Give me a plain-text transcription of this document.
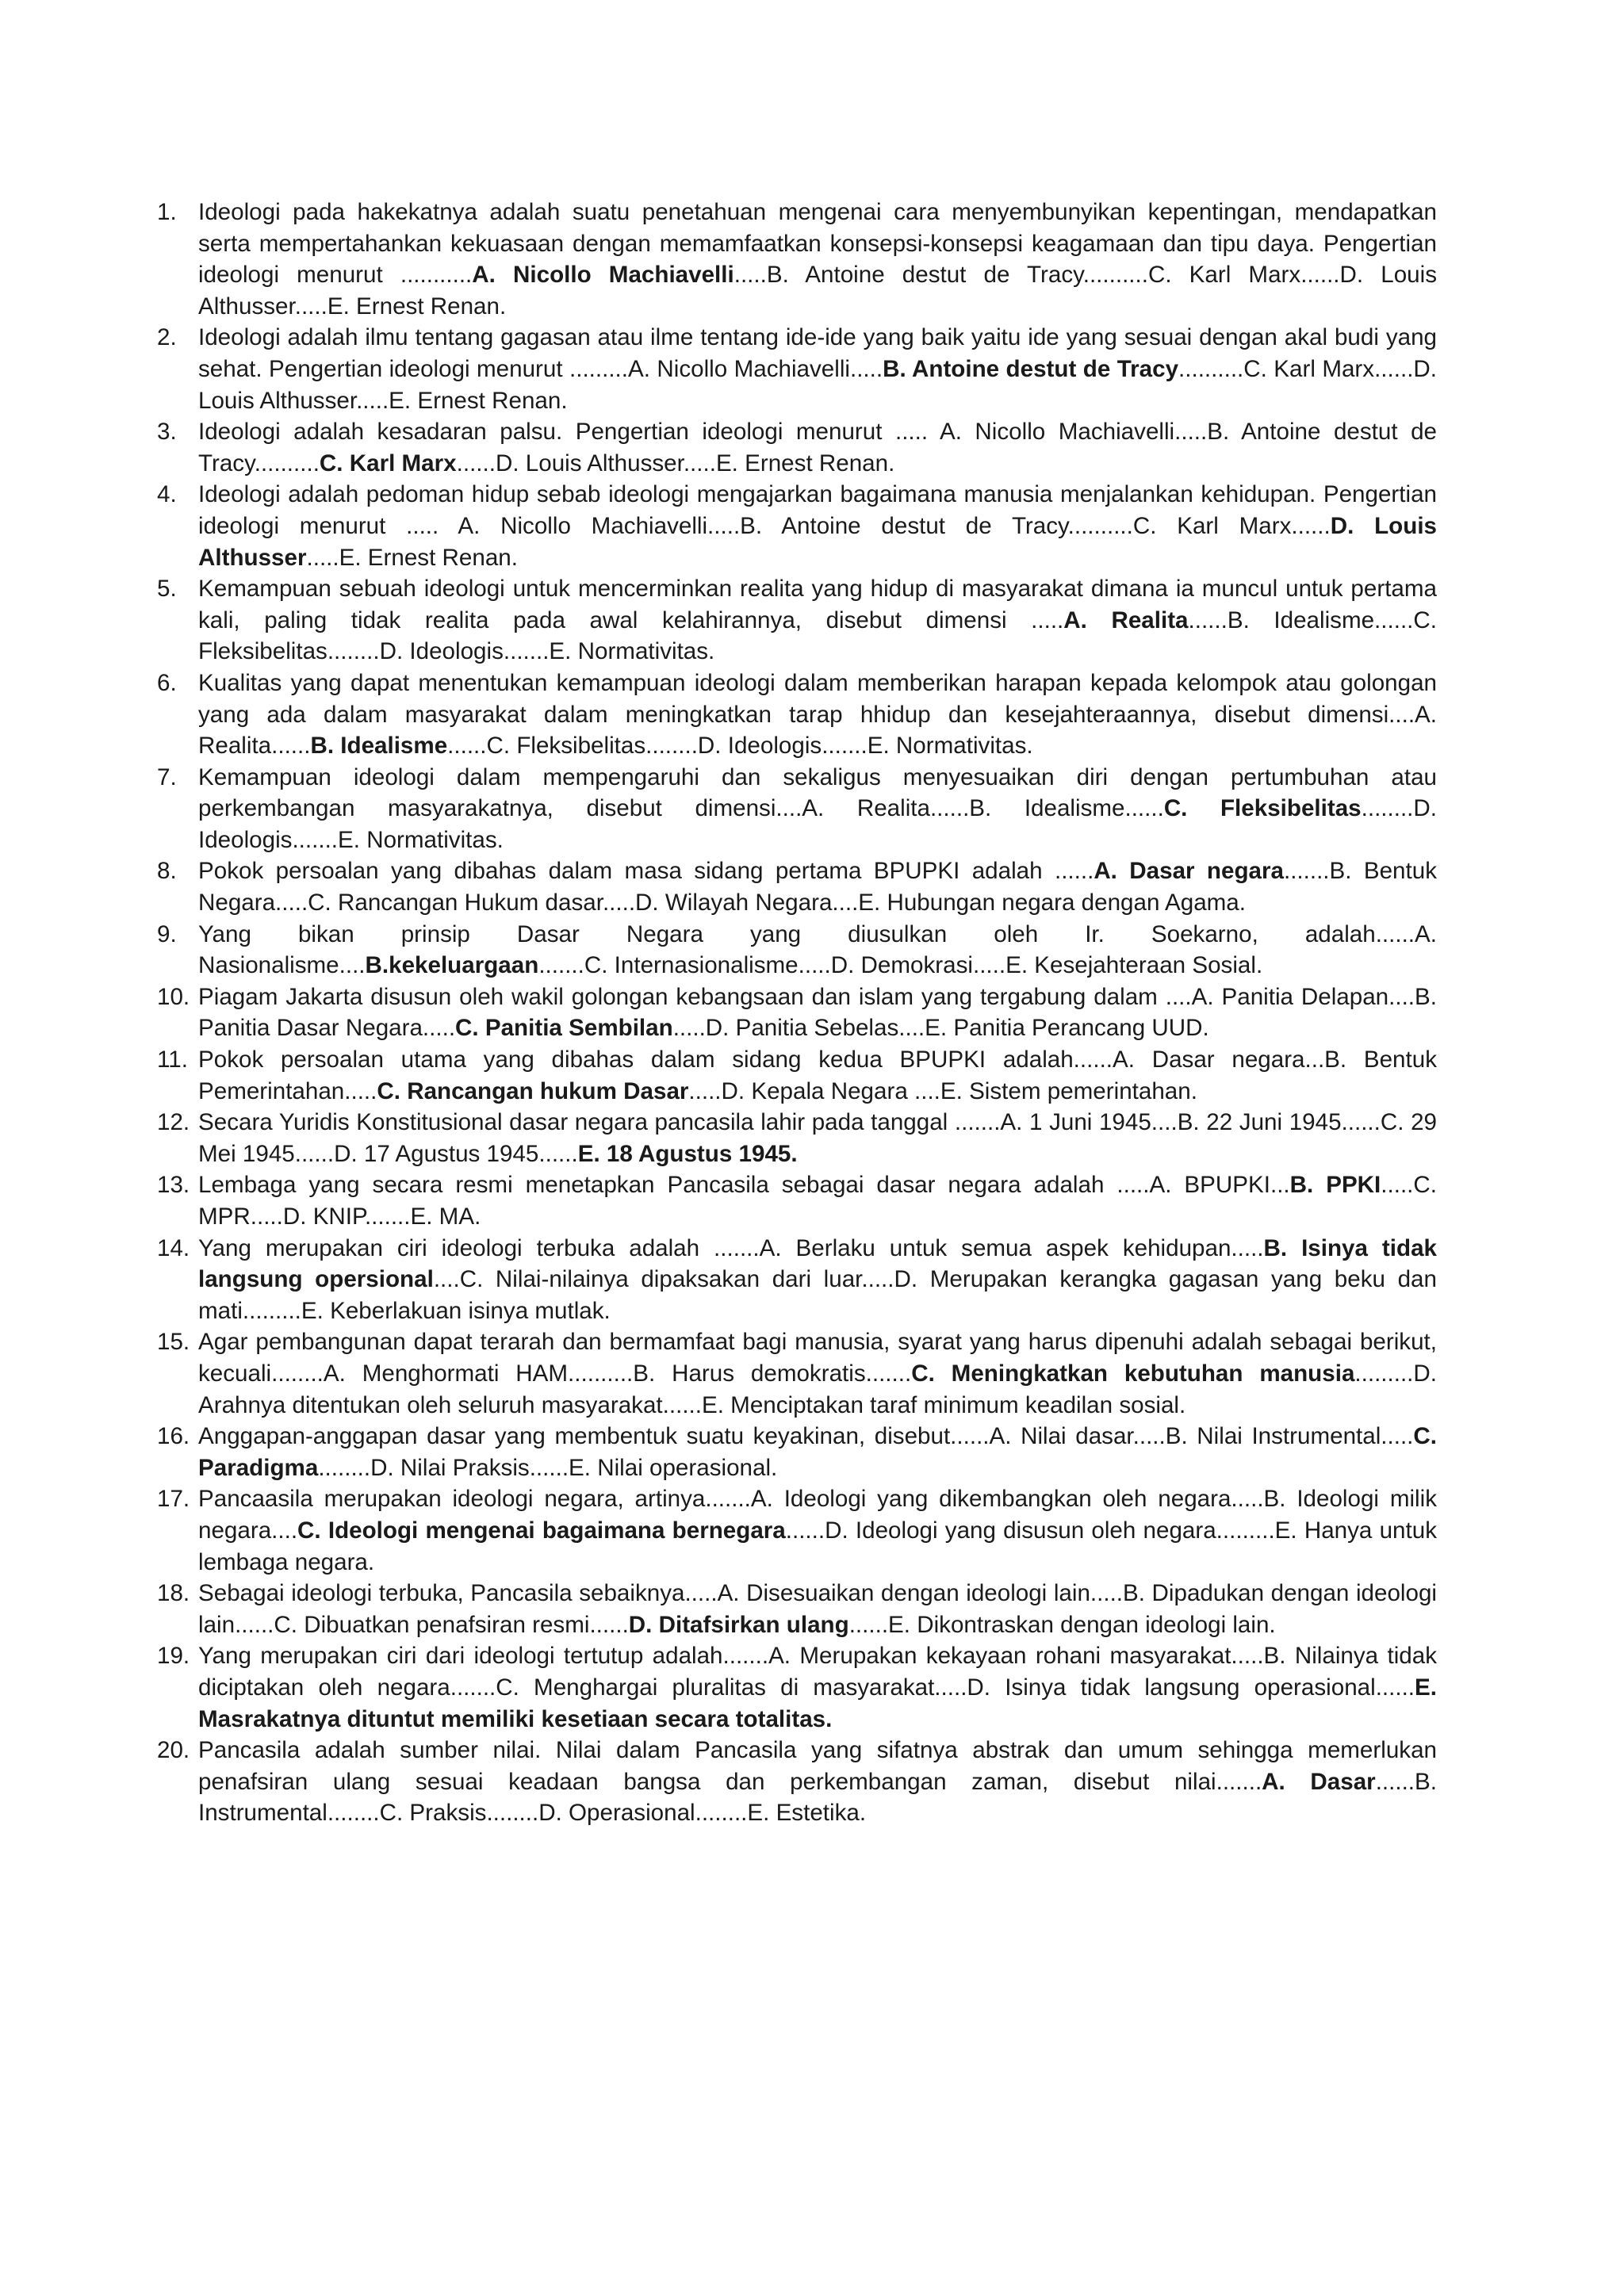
1. Ideologi pada hakekatnya adalah suatu penetahuan mengenai cara menyembunyikan kepentingan, mendapatkan serta mempertahankan kekuasaan dengan memamfaatkan konsepsi-konsepsi keagamaan dan tipu daya. Pengertian ideologi menurut ...........A. Nicollo Machiavelli.....B. Antoine destut de Tracy..........C. Karl Marx......D. Louis Althusser.....E. Ernest Renan.
2. Ideologi adalah ilmu tentang gagasan atau ilme tentang ide-ide yang baik yaitu ide yang sesuai dengan akal budi yang sehat. Pengertian ideologi menurut .........A. Nicollo Machiavelli.....B. Antoine destut de Tracy..........C. Karl Marx......D. Louis Althusser.....E. Ernest Renan.
3. Ideologi adalah kesadaran palsu. Pengertian ideologi menurut ..... A. Nicollo Machiavelli.....B. Antoine destut de Tracy..........C. Karl Marx......D. Louis Althusser.....E. Ernest Renan.
4. Ideologi adalah pedoman hidup sebab ideologi mengajarkan bagaimana manusia menjalankan kehidupan. Pengertian ideologi menurut ..... A. Nicollo Machiavelli.....B. Antoine destut de Tracy..........C. Karl Marx......D. Louis Althusser.....E. Ernest Renan.
5. Kemampuan sebuah ideologi untuk mencerminkan realita yang hidup di masyarakat dimana ia muncul untuk pertama kali, paling tidak realita pada awal kelahirannya, disebut dimensi .....A. Realita......B. Idealisme......C. Fleksibelitas........D. Ideologis.......E. Normativitas.
6. Kualitas yang dapat menentukan kemampuan ideologi dalam memberikan harapan kepada kelompok atau golongan yang ada dalam masyarakat dalam meningkatkan tarap hhidup dan kesejahteraannya, disebut dimensi....A. Realita......B. Idealisme......C. Fleksibelitas........D. Ideologis.......E. Normativitas.
7. Kemampuan ideologi dalam mempengaruhi dan sekaligus menyesuaikan diri dengan pertumbuhan atau perkembangan masyarakatnya, disebut dimensi....A. Realita......B. Idealisme......C. Fleksibelitas........D. Ideologis.......E. Normativitas.
8. Pokok persoalan yang dibahas dalam masa sidang pertama BPUPKI adalah ......A. Dasar negara.......B. Bentuk Negara.....C. Rancangan Hukum dasar.....D. Wilayah Negara....E. Hubungan negara dengan Agama.
9. Yang bikan prinsip Dasar Negara yang diusulkan oleh Ir. Soekarno, adalah......A. Nasionalisme....B.kekeluargaan.......C. Internasionalisme.....D. Demokrasi.....E. Kesejahteraan Sosial.
10. Piagam Jakarta disusun oleh wakil golongan kebangsaan dan islam yang tergabung dalam ....A. Panitia Delapan....B. Panitia Dasar Negara.....C. Panitia Sembilan.....D. Panitia Sebelas....E. Panitia Perancang UUD.
11. Pokok persoalan utama yang dibahas dalam sidang kedua BPUPKI adalah......A. Dasar negara...B. Bentuk Pemerintahan.....C. Rancangan hukum Dasar.....D. Kepala Negara ....E. Sistem pemerintahan.
12. Secara Yuridis Konstitusional dasar negara pancasila lahir pada tanggal .......A. 1 Juni 1945....B. 22 Juni 1945......C. 29 Mei 1945......D. 17 Agustus 1945......E. 18 Agustus 1945.
13. Lembaga yang secara resmi menetapkan Pancasila sebagai dasar negara adalah .....A. BPUPKI...B. PPKI.....C. MPR.....D. KNIP.......E. MA.
14. Yang merupakan ciri ideologi terbuka adalah .......A. Berlaku untuk semua aspek kehidupan.....B. Isinya tidak langsung opersional....C. Nilai-nilainya dipaksakan dari luar.....D. Merupakan kerangka gagasan yang beku dan mati.........E. Keberlakuan isinya mutlak.
15. Agar pembangunan dapat terarah dan bermamfaat bagi manusia, syarat yang harus dipenuhi adalah sebagai berikut, kecuali........A. Menghormati HAM..........B. Harus demokratis.......C. Meningkatkan kebutuhan manusia.........D. Arahnya ditentukan oleh seluruh masyarakat......E. Menciptakan taraf minimum keadilan sosial.
16. Anggapan-anggapan dasar yang membentuk suatu keyakinan, disebut......A. Nilai dasar.....B. Nilai Instrumental.....C. Paradigma........D. Nilai Praksis......E. Nilai operasional.
17. Pancaasila merupakan ideologi negara, artinya.......A. Ideologi yang dikembangkan oleh negara.....B. Ideologi milik negara....C. Ideologi mengenai bagaimana bernegara......D. Ideologi yang disusun oleh negara.........E. Hanya untuk lembaga negara.
18. Sebagai ideologi terbuka, Pancasila sebaiknya.....A. Disesuaikan dengan ideologi lain.....B. Dipadukan dengan ideologi lain......C. Dibuatkan penafsiran resmi......D. Ditafsirkan ulang......E. Dikontraskan dengan ideologi lain.
19. Yang merupakan ciri dari ideologi tertutup adalah.......A. Merupakan kekayaan rohani masyarakat.....B. Nilainya tidak diciptakan oleh negara.......C. Menghargai pluralitas di masyarakat.....D. Isinya tidak langsung operasional......E. Masrakatnya dituntut memiliki kesetiaan secara totalitas.
20. Pancasila adalah sumber nilai. Nilai dalam Pancasila yang sifatnya abstrak dan umum sehingga memerlukan penafsiran ulang sesuai keadaan bangsa dan perkembangan zaman, disebut nilai.......A. Dasar......B. Instrumental........C. Praksis........D. Operasional........E. Estetika.
